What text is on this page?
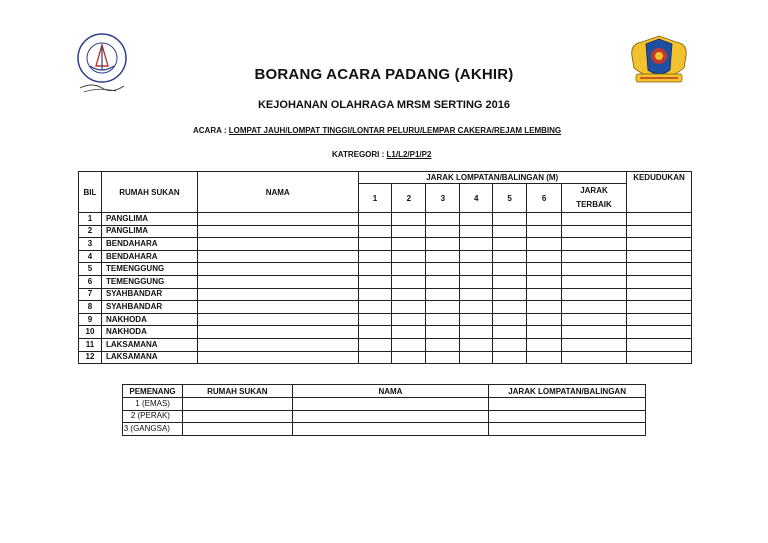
BORANG ACARA PADANG (AKHIR)
KEJOHANAN OLAHRAGA MRSM SERTING 2016
ACARA : LOMPAT JAUH/LOMPAT TINGGI/LONTAR PELURU/LEMPAR CAKERA/REJAM LEMBING
KATREGORI : L1/L2/P1/P2
BIL	RUMAH SUKAN	NAMA	JARAK LOMPATAN/BALINGAN (M)							KEDUDUKAN
			1	2	3	4	5	6	JARAK TERBAIK	
1	PANGLIMA									
2	PANGLIMA									
3	BENDAHARA									
4	BENDAHARA									
5	TEMENGGUNG									
6	TEMENGGUNG									
7	SYAHBANDAR									
8	SYAHBANDAR									
9	NAKHODA									
10	NAKHODA									
11	LAKSAMANA									
12	LAKSAMANA									
PEMENANG	RUMAH SUKAN	NAMA	JARAK LOMPATAN/BALINGAN
1 (EMAS)			
2 (PERAK)			
3 (GANGSA)			
